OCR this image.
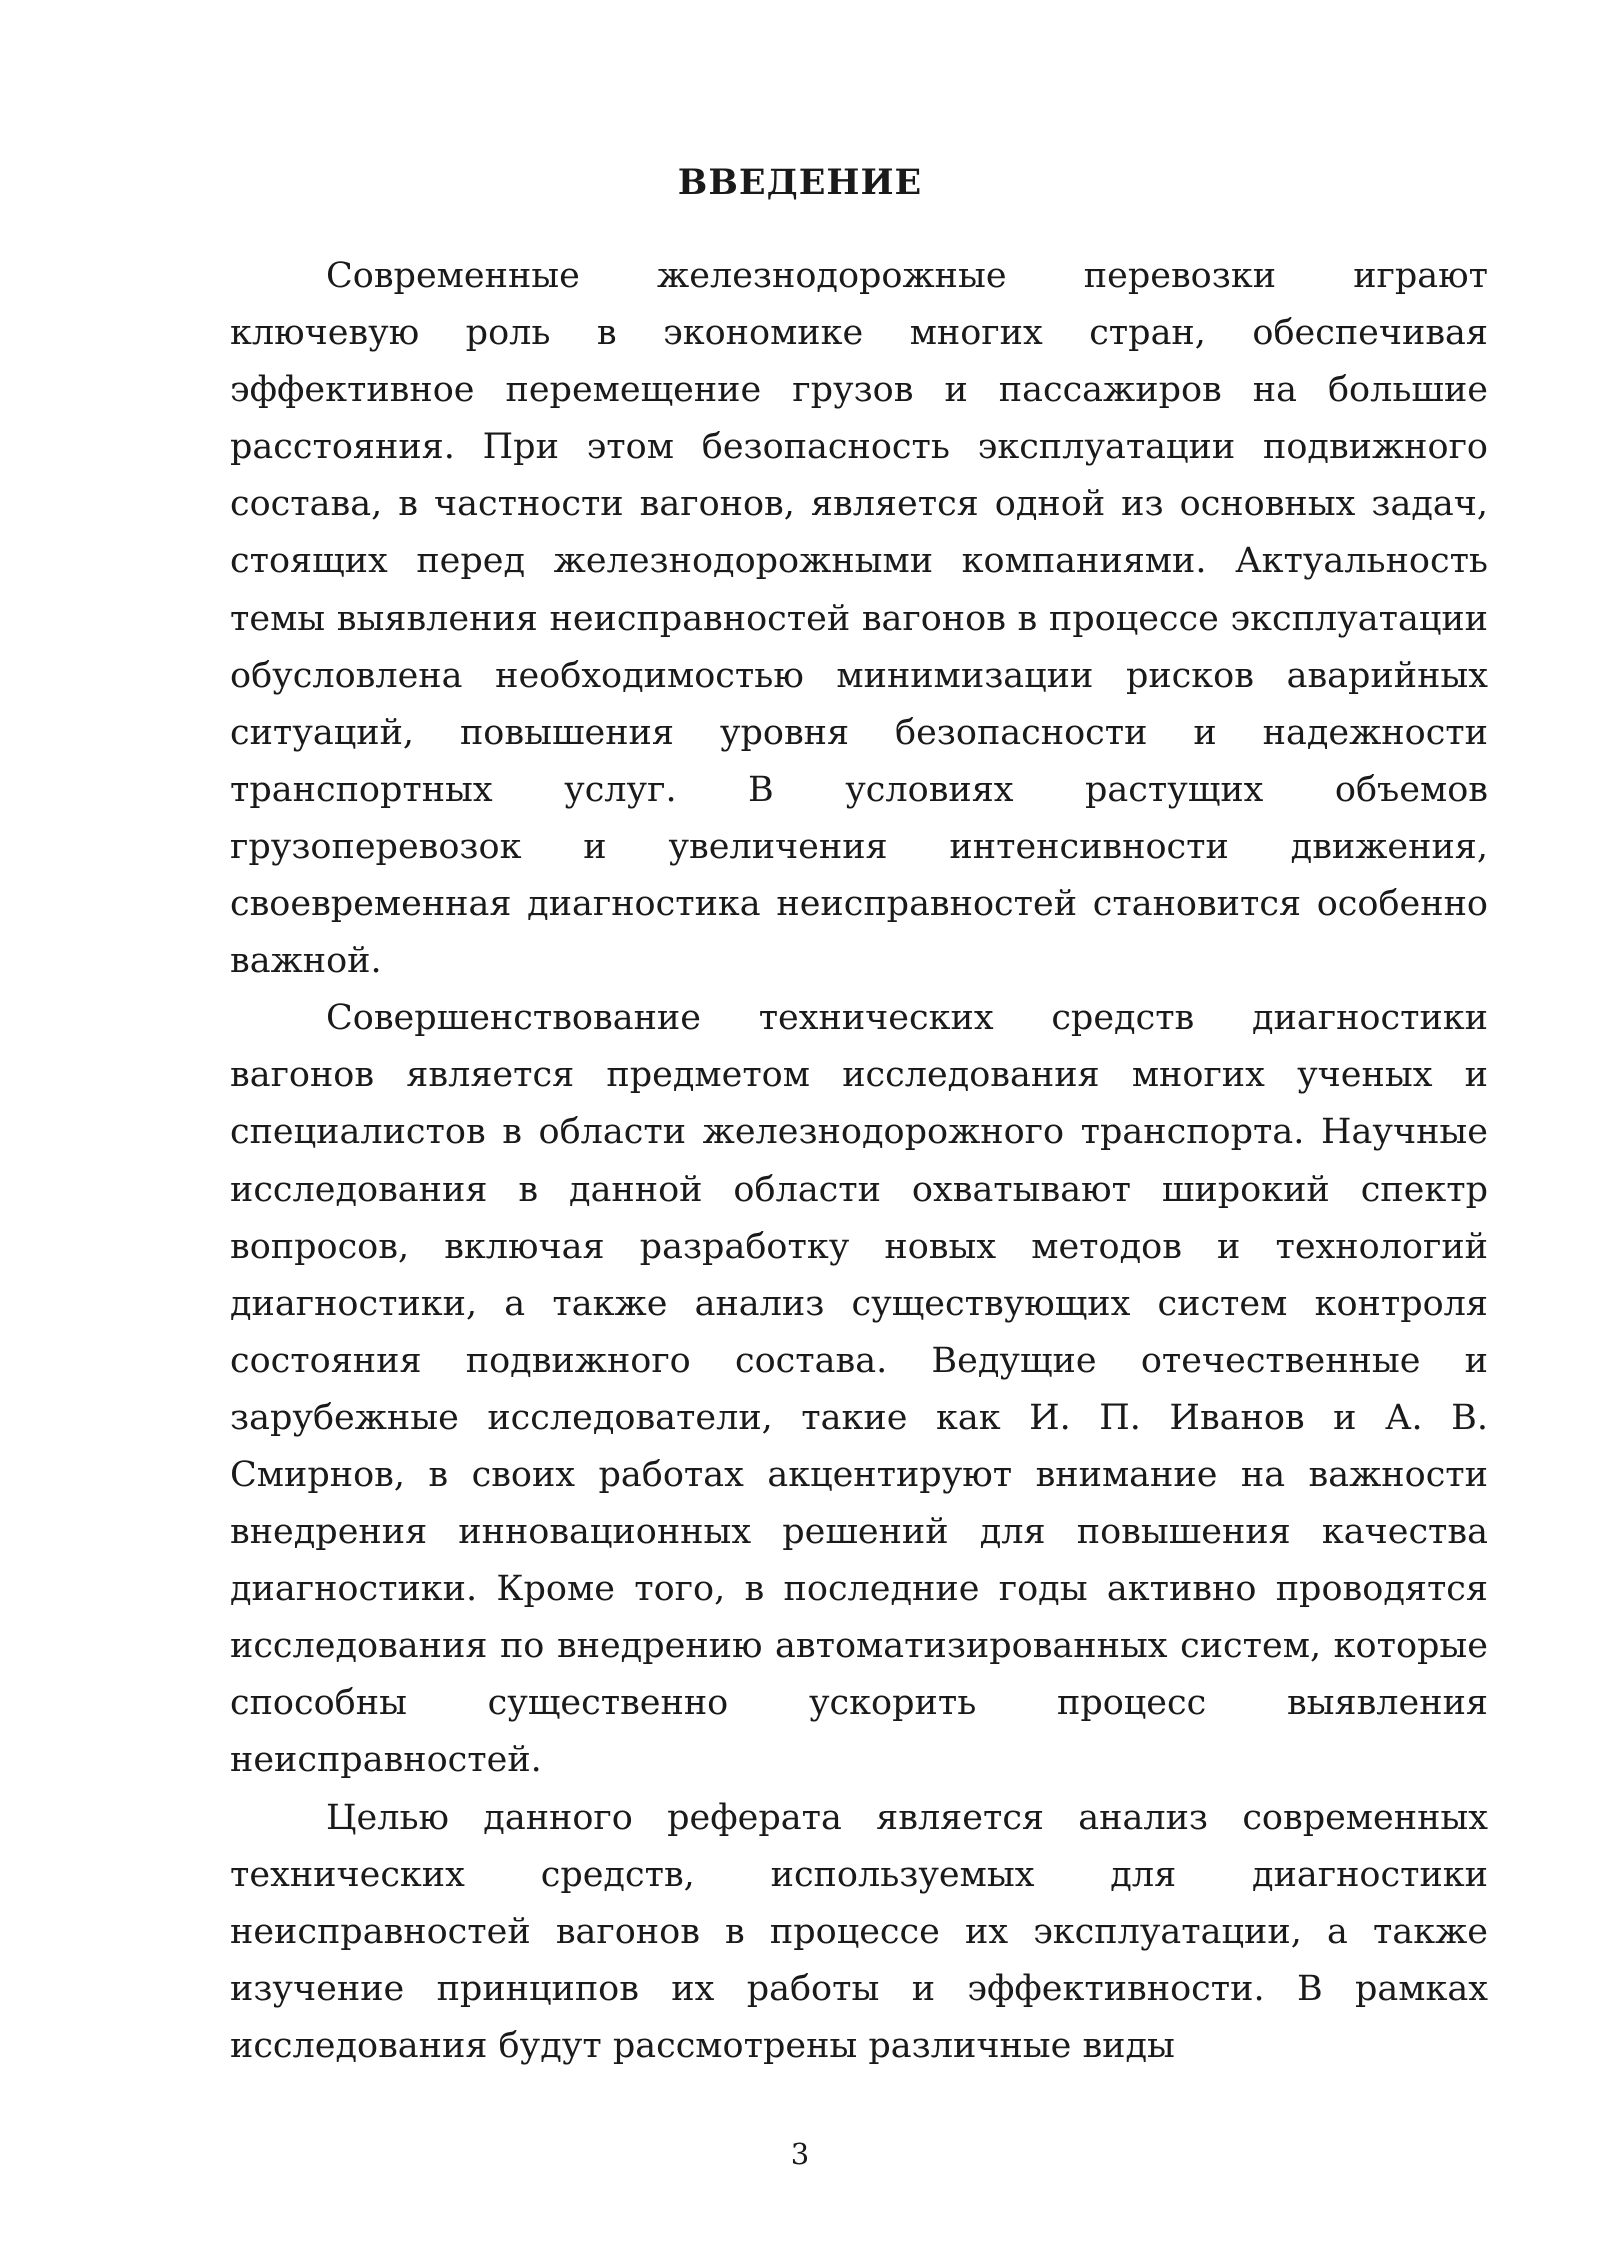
ВВЕДЕНИЕ

Современные железнодорожные перевозки играют ключевую роль в экономике многих стран, обеспечивая эффективное перемещение грузов и пассажиров на большие расстояния. При этом безопасность эксплуатации подвижного состава, в частности вагонов, является одной из основных задач, стоящих перед железнодорожными компаниями. Актуальность темы выявления неисправностей вагонов в процессе эксплуатации обусловлена необходимостью минимизации рисков аварийных ситуаций, повышения уровня безопасности и надежности транспортных услуг. В условиях растущих объемов грузоперевозок и увеличения интенсивности движения, своевременная диагностика неисправностей становится особенно важной.

Совершенствование технических средств диагностики вагонов является предметом исследования многих ученых и специалистов в области железнодорожного транспорта. Научные исследования в данной области охватывают широкий спектр вопросов, включая разработку новых методов и технологий диагностики, а также анализ существующих систем контроля состояния подвижного состава. Ведущие отечественные и зарубежные исследователи, такие как И. П. Иванов и А. В. Смирнов, в своих работах акцентируют внимание на важности внедрения инновационных решений для повышения качества диагностики. Кроме того, в последние годы активно проводятся исследования по внедрению автоматизированных систем, которые способны существенно ускорить процесс выявления неисправностей.

Целью данного реферата является анализ современных технических средств, используемых для диагностики неисправностей вагонов в процессе их эксплуатации, а также изучение принципов их работы и эффективности. В рамках исследования будут рассмотрены различные виды

3
